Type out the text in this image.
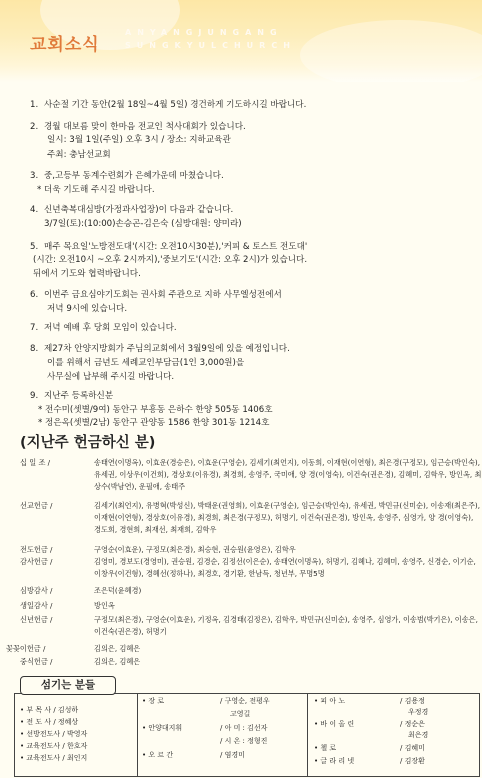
교회소식
ANYANGJUNGANG
SUNGKYULCHURCH
1. 사순절 기간 동안(2월 18일~4월 5일) 경건하게 기도하시길 바랍니다.
2. 경월 대보름 맞이 한마음 전교인 척사대회가 있습니다.
일시: 3월 1일(주일) 오후 3시 / 장소: 지하교육관
주최: 충남선교회
3. 중,고등부 동계수련회가 은혜가운데 마쳤습니다.
* 더욱 기도해 주시길 바랍니다.
4. 신년축복대심방(가정과사업장)이 다음과 같습니다.
3/7일(토):(10:00)손승곤-김은숙 (심방대원: 양미라)
5. 매주 목요일'노방전도대'(시간: 오전10시30분),'커피 & 토스트 전도대'
(시간: 오전10시 ~오후 2시까지),'중보기도'(시간: 오후 2시)가 있습니다.
뒤에서 기도와 협력바랍니다.
6. 이번주 금요심야기도회는 권사회 주관으로 지하 사무엘성전에서
저녁 9시에 있습니다.
7. 저녁 예배 후 당회 모임이 있습니다.
8. 제27차 안양지방회가 주님의교회에서 3월9일에 있을 예정입니다.
이를 위해서 금년도 세례교인부담금(1인 3,000원)을
사무실에 납부해 주시길 바랍니다.
9. 지난주 등록하신분
* 전수미(셋별/9여) 동안구 부흥동 은하수 한양 505동 1406호
* 정은옥(셋별/2남) 동안구 관양동 1586 한양 301동 1214호
(지난주 헌금하신 분)
십 일 조 /	송태연(이명옥), 이효운(경승은), 이효운(구영순), 김세기(최언지), 이동희, 이재현(이연형), 최은경(구정모), 임근승(박인숙), 유세권, 이상우(이건희), 경상호(이유경), 최경희, 송영주, 국미애, 양 경(이영숙), 이건숙(권은경), 김혜미, 김학우, 방인옥, 최상수(박남연), 운필애, 송태주
선교헌금 /	김세기(최언지), 유병혁(박성신), 박태운(권영희), 이효운(구영순), 임근승(박인숙), 유세권, 박민규(신미순), 이송재(최은주), 이재현(이연형), 경상호(이유경), 최경희, 최은경(구정모), 허명기, 이건숙(권은경), 방인옥, 송영주, 심영가, 양 경(이영숙), 경도희, 경현희, 최재선, 최재희, 김학우
전도헌금 /	구영순(이효운), 구정모(최은경), 최승현, 권승원(윤영은), 김학우
감사헌금 /	김영미, 경보도(경영미), 권승원, 김경순, 김정선(이은순), 송태연(이명옥), 허명기, 김혜나, 김혜미, 송영주, 신경순, 이기순, 이창우(이건형), 경혜선(정하나), 최경호, 경기환, 한남득, 청년부, 무명5명
심방감사 /	조은덕(윤혜경)
생일감사 /	방인옥
신년헌금 /	구정모(최은경), 구영순(이효운), 기정옥, 김경태(김정은), 김학우, 박민규(신미순), 송영주, 심영가, 이송범(박기은), 이송은, 이건숙(권은경), 허명기
꽃꽂이헌금 /	김의은, 김혜은
중식헌금 /	김의은, 김혜은
섬기는 분들
• 부 목 사 / 김성하
• 전 도 사 / 정혜상
• 선방전도사 / 박영자
• 교육전도사 / 한호자
• 교육전도사 / 최인지
• 장 로	/ 구영순, 전평우
고영길
• 안양대지휘	/ 아 미 : 김선자
/ 시 온 : 정형진
• 오 르 간	/ 염경미
• 피 아 노	/ 김용정
우정경
• 바 이 올 린	/ 정순은
최은경
• 첼 로	/ 김혜미
• 글 라 리 넷	/ 김장환
